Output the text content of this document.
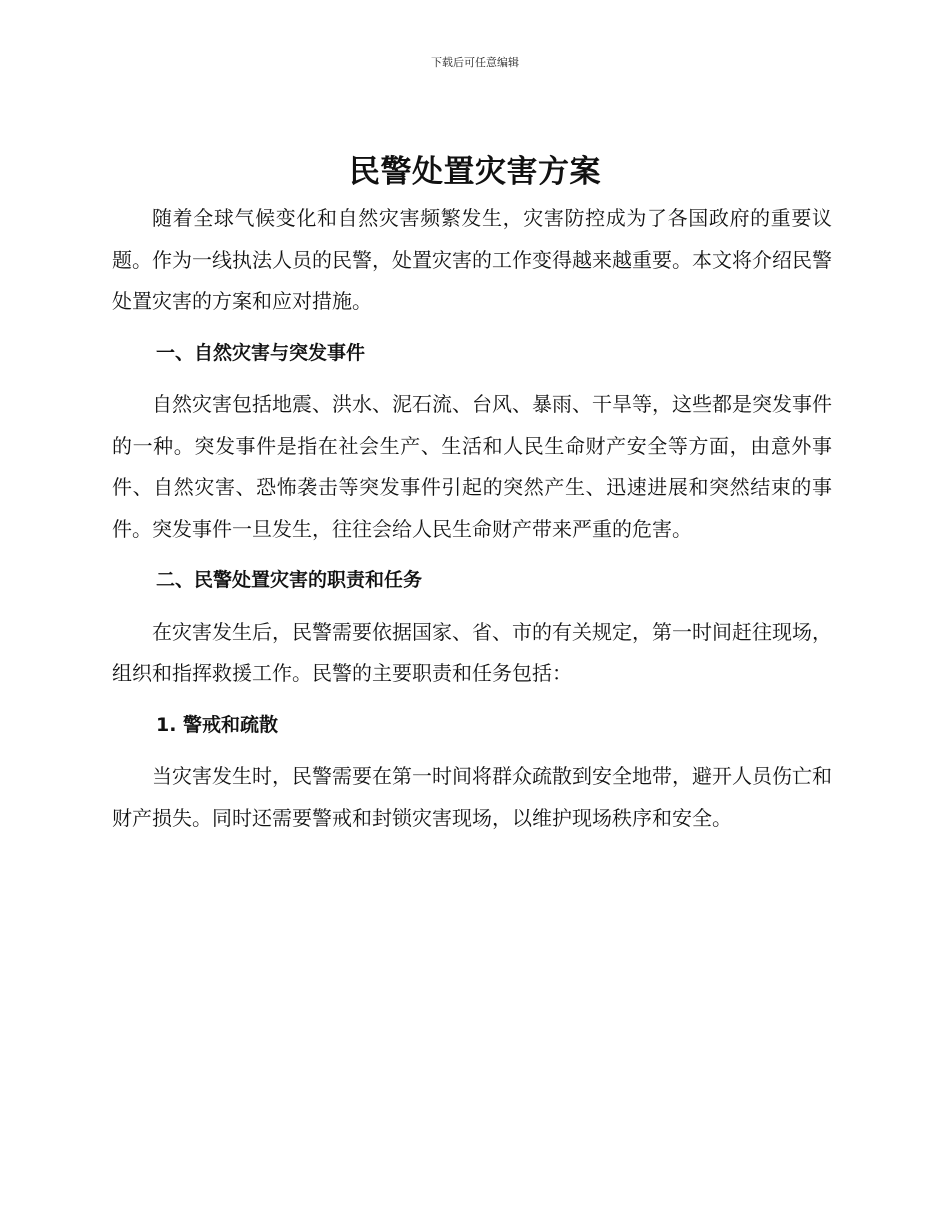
下载后可任意编辑
民警处置灾害方案

随着全球气候变化和自然灾害频繁发生，灾害防控成为了各国政府的重要议题。作为一线执法人员的民警，处置灾害的工作变得越来越重要。本文将介绍民警处置灾害的方案和应对措施。

一、自然灾害与突发事件

自然灾害包括地震、洪水、泥石流、台风、暴雨、干旱等，这些都是突发事件的一种。突发事件是指在社会生产、生活和人民生命财产安全等方面，由意外事件、自然灾害、恐怖袭击等突发事件引起的突然产生、迅速进展和突然结束的事件。突发事件一旦发生，往往会给人民生命财产带来严重的危害。

二、民警处置灾害的职责和任务

在灾害发生后，民警需要依据国家、省、市的有关规定，第一时间赶往现场，组织和指挥救援工作。民警的主要职责和任务包括：

1. 警戒和疏散

当灾害发生时，民警需要在第一时间将群众疏散到安全地带，避开人员伤亡和财产损失。同时还需要警戒和封锁灾害现场，以维护现场秩序和安全。
